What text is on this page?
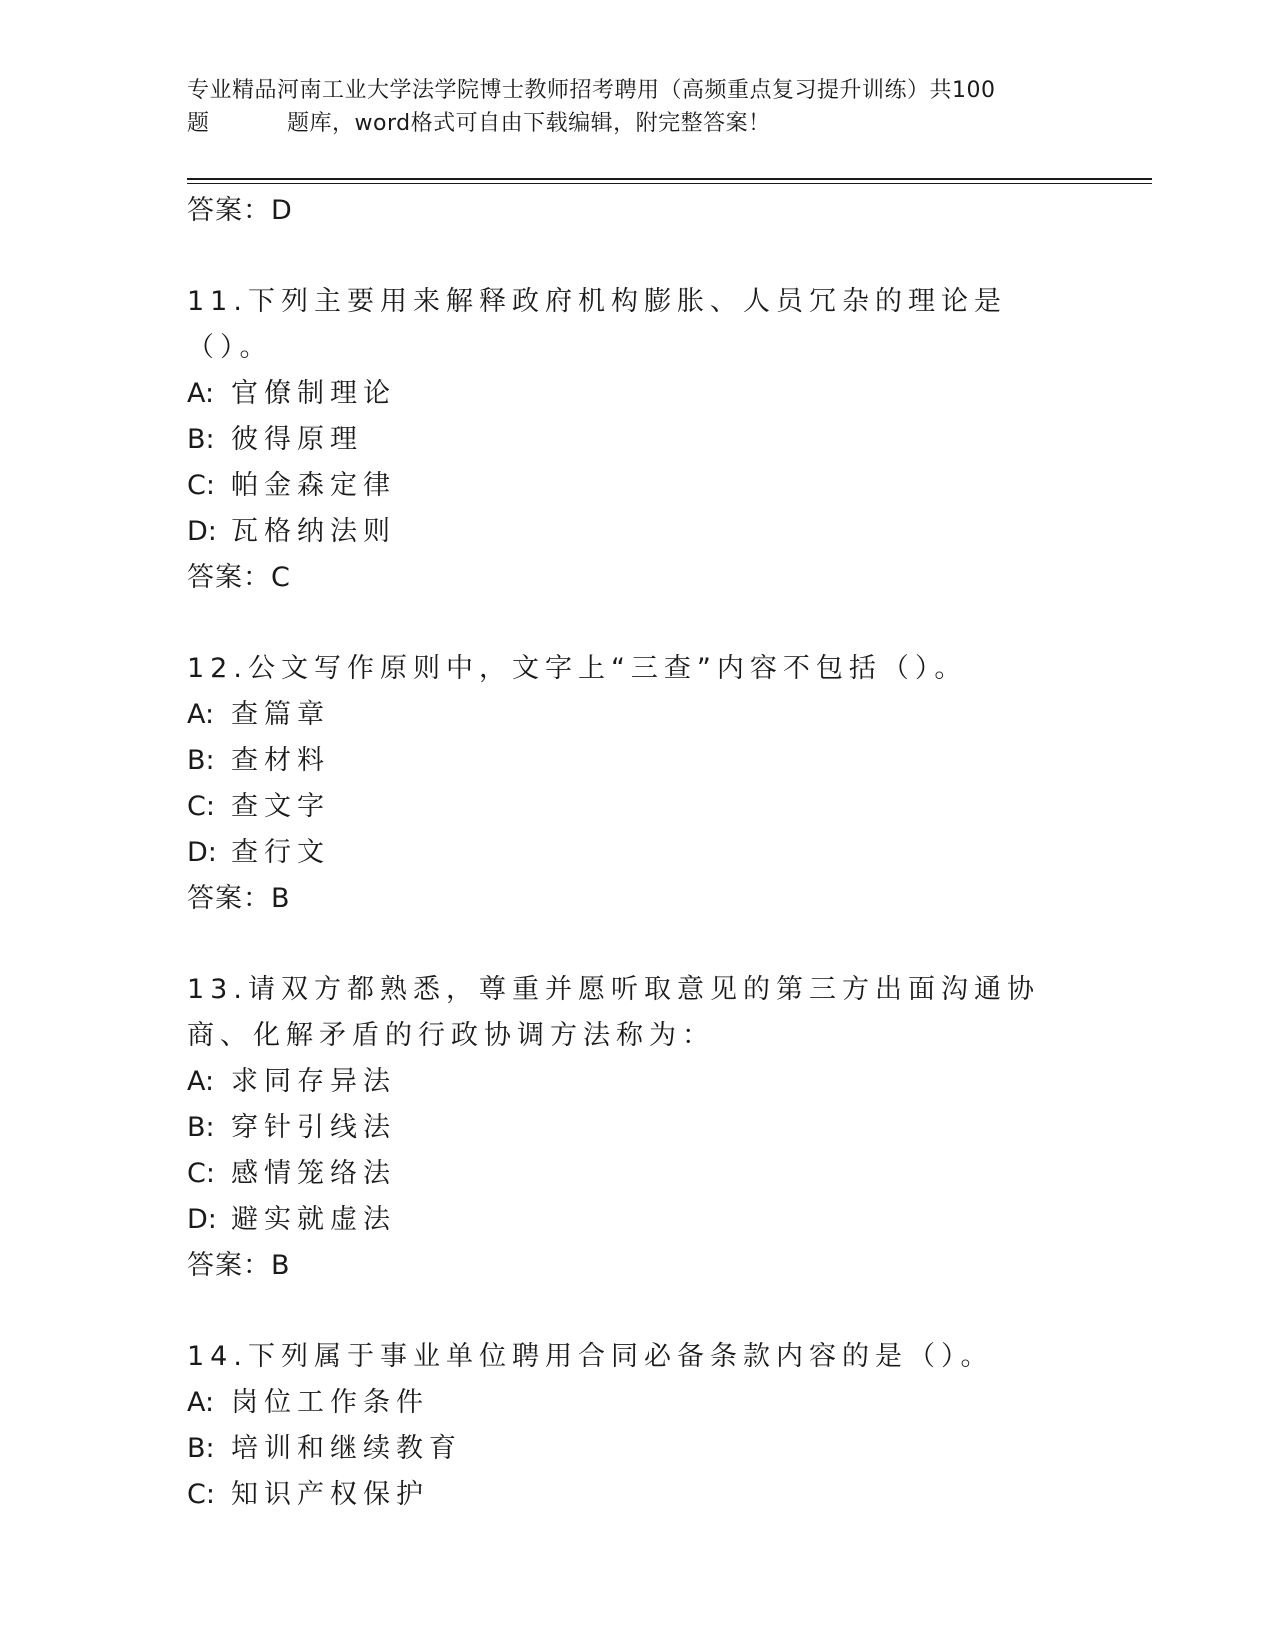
专业精品河南工业大学法学院博士教师招考聘用（高频重点复习提升训练）共100
题	题库，word格式可自由下载编辑，附完整答案！
答案：D
11.下列主要用来解释政府机构膨胀、人员冗杂的理论是（）。
A: 官僚制理论
B: 彼得原理
C: 帕金森定律
D: 瓦格纳法则
答案：C
12.公文写作原则中，文字上“三查”内容不包括（）。
A: 查篇章
B: 查材料
C: 查文字
D: 查行文
答案：B
13.请双方都熟悉，尊重并愿听取意见的第三方出面沟通协商、化解矛盾的行政协调方法称为：
A: 求同存异法
B: 穿针引线法
C: 感情笼络法
D: 避实就虚法
答案：B
14.下列属于事业单位聘用合同必备条款内容的是（）。
A: 岗位工作条件
B: 培训和继续教育
C: 知识产权保护
